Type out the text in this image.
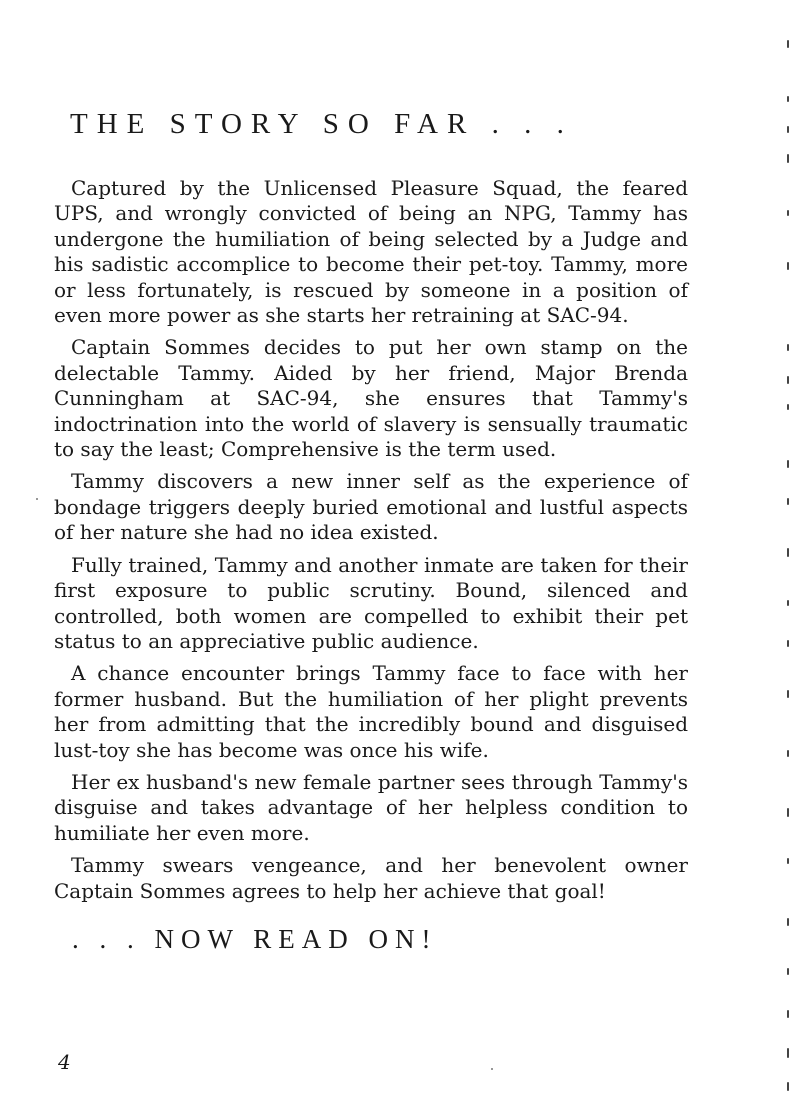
THE STORY SO FAR . . .

Captured by the Unlicensed Pleasure Squad, the feared UPS, and wrongly convicted of being an NPG, Tammy has undergone the humiliation of being selected by a Judge and his sadistic accomplice to become their pet-toy. Tammy, more or less fortunately, is rescued by someone in a position of even more power as she starts her retraining at SAC-94.

Captain Sommes decides to put her own stamp on the delectable Tammy. Aided by her friend, Major Brenda Cunningham at SAC-94, she ensures that Tammy's indoctrination into the world of slavery is sensually traumatic to say the least; Comprehensive is the term used.

Tammy discovers a new inner self as the experience of bondage triggers deeply buried emotional and lustful aspects of her nature she had no idea existed.

Fully trained, Tammy and another inmate are taken for their first exposure to public scrutiny. Bound, silenced and controlled, both women are compelled to exhibit their pet status to an appreciative public audience.

A chance encounter brings Tammy face to face with her former husband. But the humiliation of her plight prevents her from admitting that the incredibly bound and disguised lust-toy she has become was once his wife.

Her ex husband's new female partner sees through Tammy's disguise and takes advantage of her helpless condition to humiliate her even more.

Tammy swears vengeance, and her benevolent owner Captain Sommes agrees to help her achieve that goal!

. . . NOW READ ON!
4
